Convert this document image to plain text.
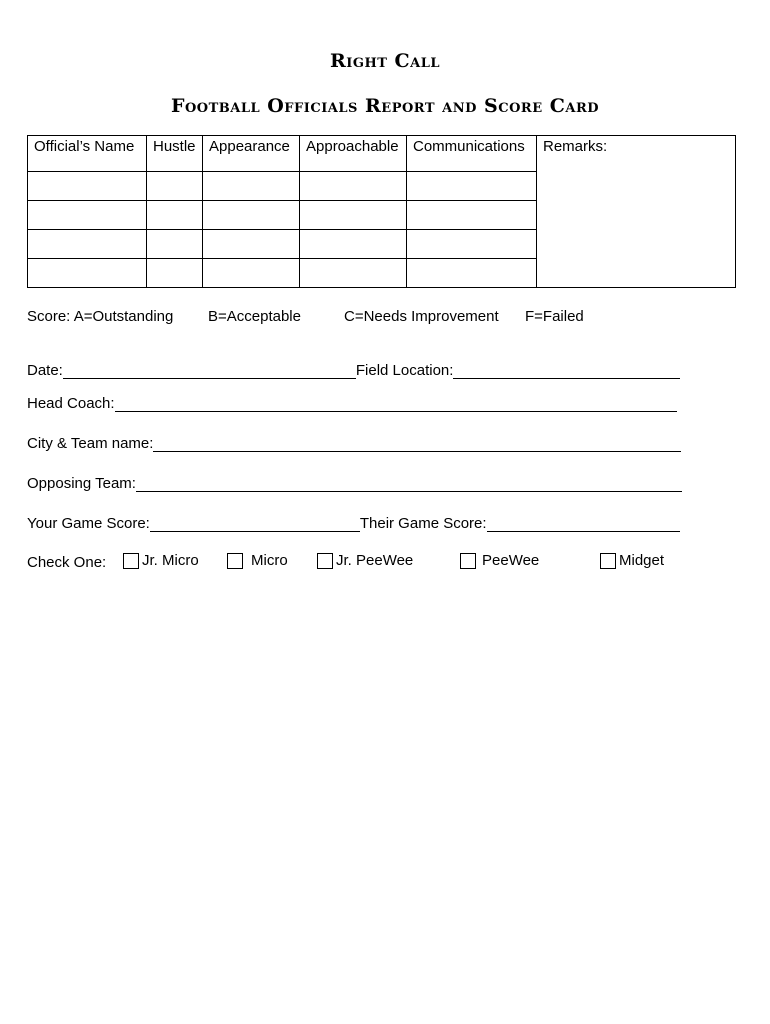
Right Call
Football Officials Report and Score Card
Official’s Name	Hustle	Appearance	Approachable	Communications	Remarks:

Score: A=Outstanding	B=Acceptable	C=Needs Improvement	F=Failed
Date:	Field Location:
Head Coach:
City & Team name:
Opposing Team:
Your Game Score:	Their Game Score:
Check One: Jr. Micro	Micro	Jr. PeeWee	PeeWee	Midget
